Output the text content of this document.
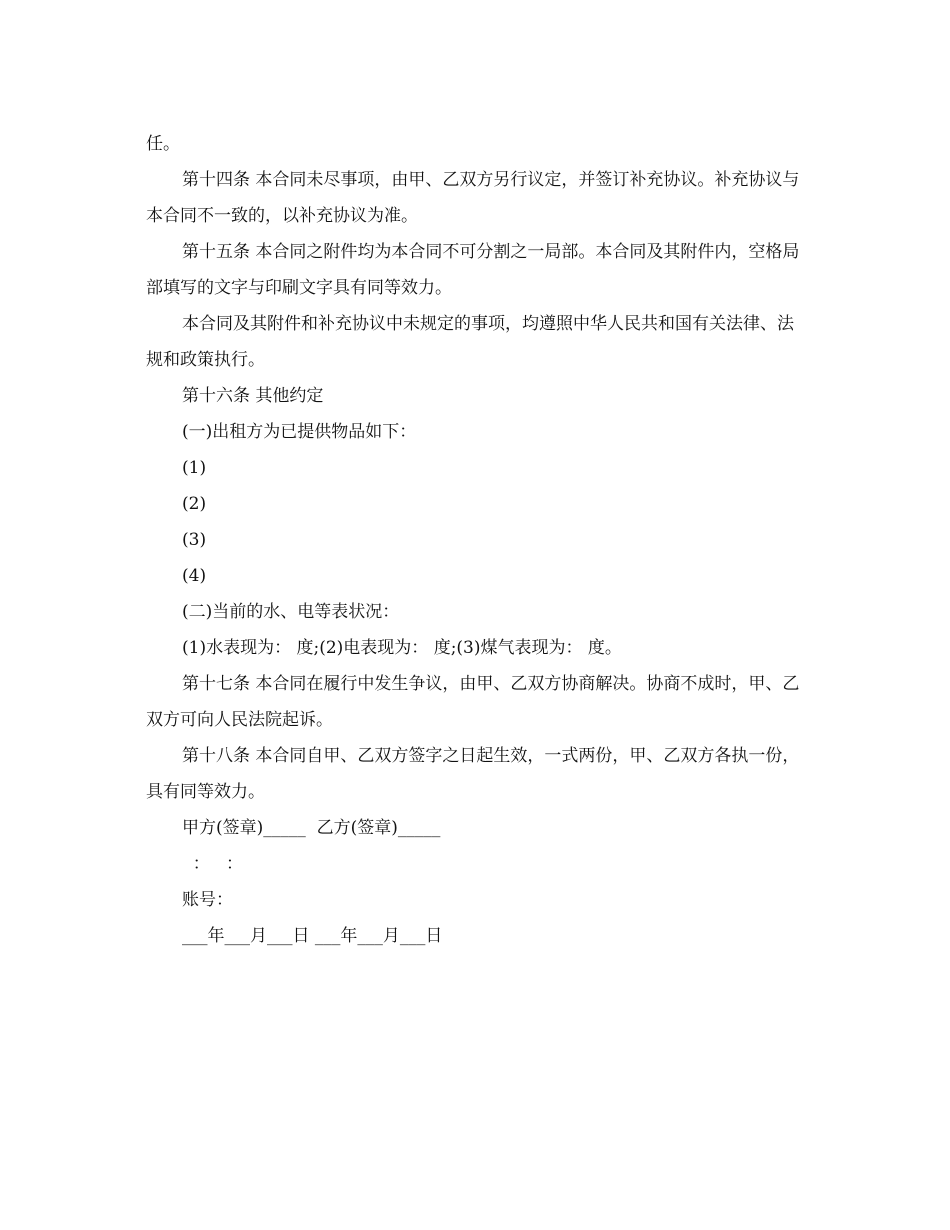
任。

第十四条 本合同未尽事项，由甲、乙双方另行议定，并签订补充协议。补充协议与本合同不一致的，以补充协议为准。

第十五条 本合同之附件均为本合同不可分割之一局部。本合同及其附件内，空格局部填写的文字与印刷文字具有同等效力。

本合同及其附件和补充协议中未规定的事项，均遵照中华人民共和国有关法律、法规和政策执行。

第十六条 其他约定

(一)出租方为已提供物品如下：

(1)

(2)

(3)

(4)

(二)当前的水、电等表状况：

(1)水表现为： 度;(2)电表现为： 度;(3)煤气表现为： 度。

第十七条 本合同在履行中发生争议，由甲、乙双方协商解决。协商不成时，甲、乙双方可向人民法院起诉。

第十八条 本合同自甲、乙双方签字之日起生效，一式两份，甲、乙双方各执一份，具有同等效力。

甲方(签章)_____  乙方(签章)_____

：   ：

账号：

___年___月___日 ___年___月___日
